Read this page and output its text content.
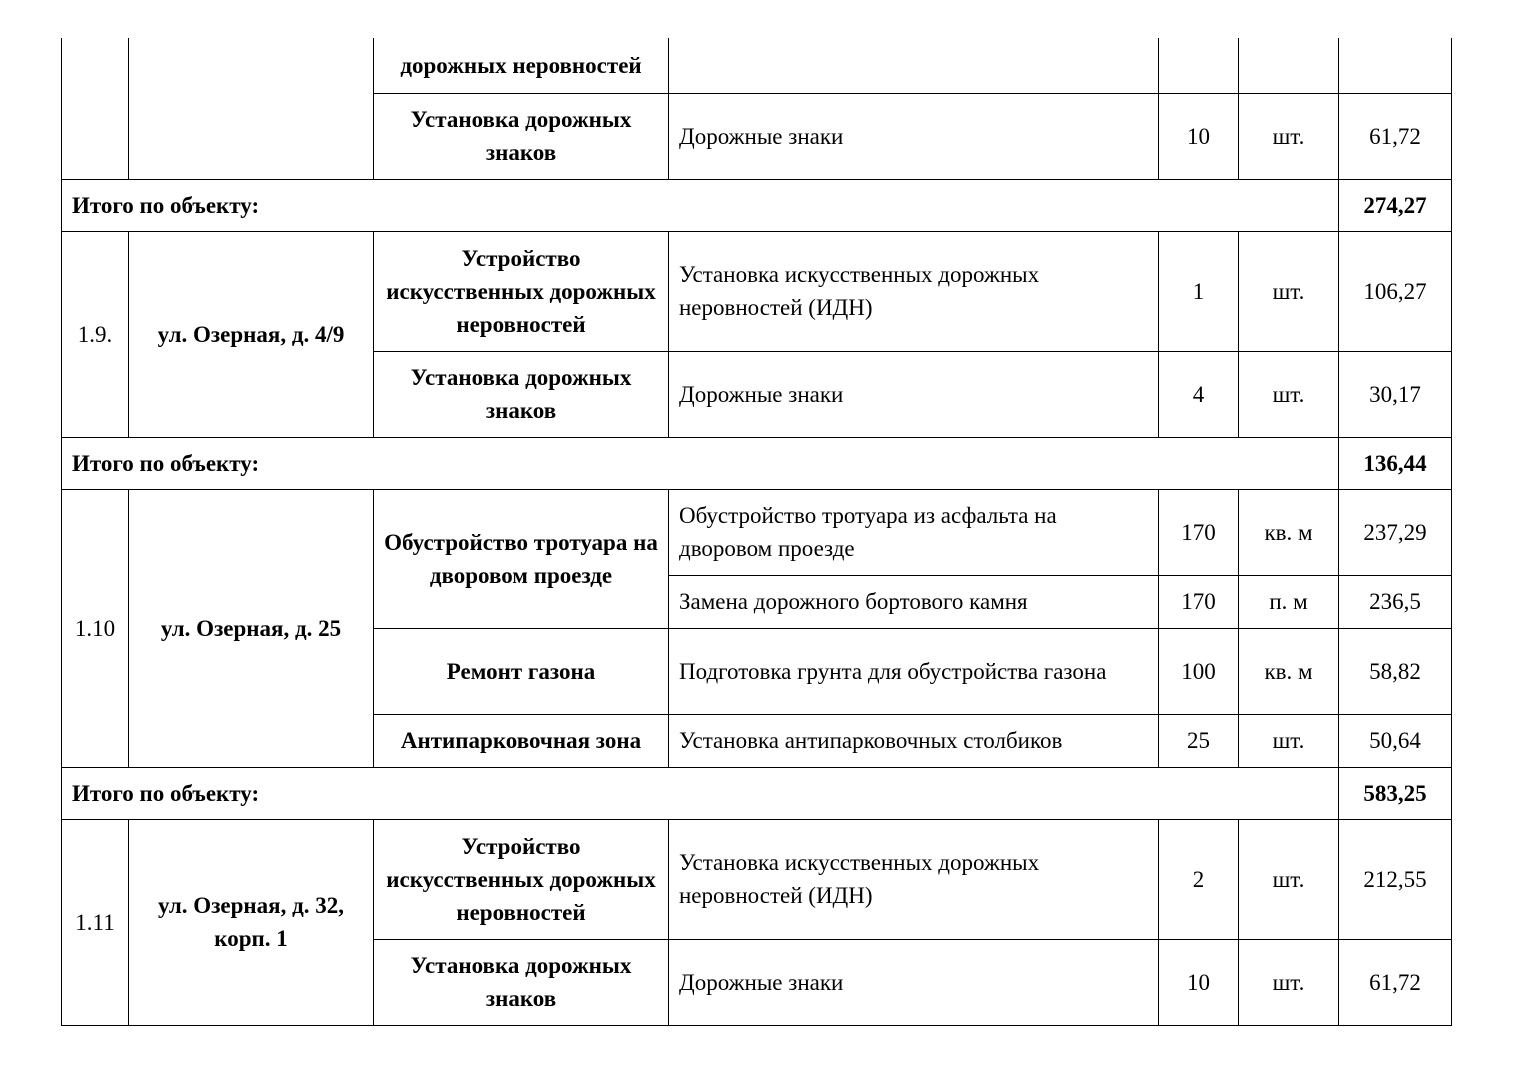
		дорожных неровностей				
		Установка дорожных знаков	Дорожные знаки	10	шт.	61,72
Итого по объекту:						274,27
1.9.	ул. Озерная, д. 4/9	Устройство искусственных дорожных неровностей	Установка искусственных дорожных неровностей (ИДН)	1	шт.	106,27
		Установка дорожных знаков	Дорожные знаки	4	шт.	30,17
Итого по объекту:						136,44
1.10	ул. Озерная, д. 25	Обустройство тротуара на дворовом проезде	Обустройство тротуара из асфальта на дворовом проезде	170	кв. м	237,29
			Замена дорожного бортового камня	170	п. м	236,5
		Ремонт газона	Подготовка грунта для обустройства газона	100	кв. м	58,82
		Антипарковочная зона	Установка антипарковочных столбиков	25	шт.	50,64
Итого по объекту:						583,25
1.11	ул. Озерная, д. 32, корп. 1	Устройство искусственных дорожных неровностей	Установка искусственных дорожных неровностей (ИДН)	2	шт.	212,55
		Установка дорожных знаков	Дорожные знаки	10	шт.	61,72
